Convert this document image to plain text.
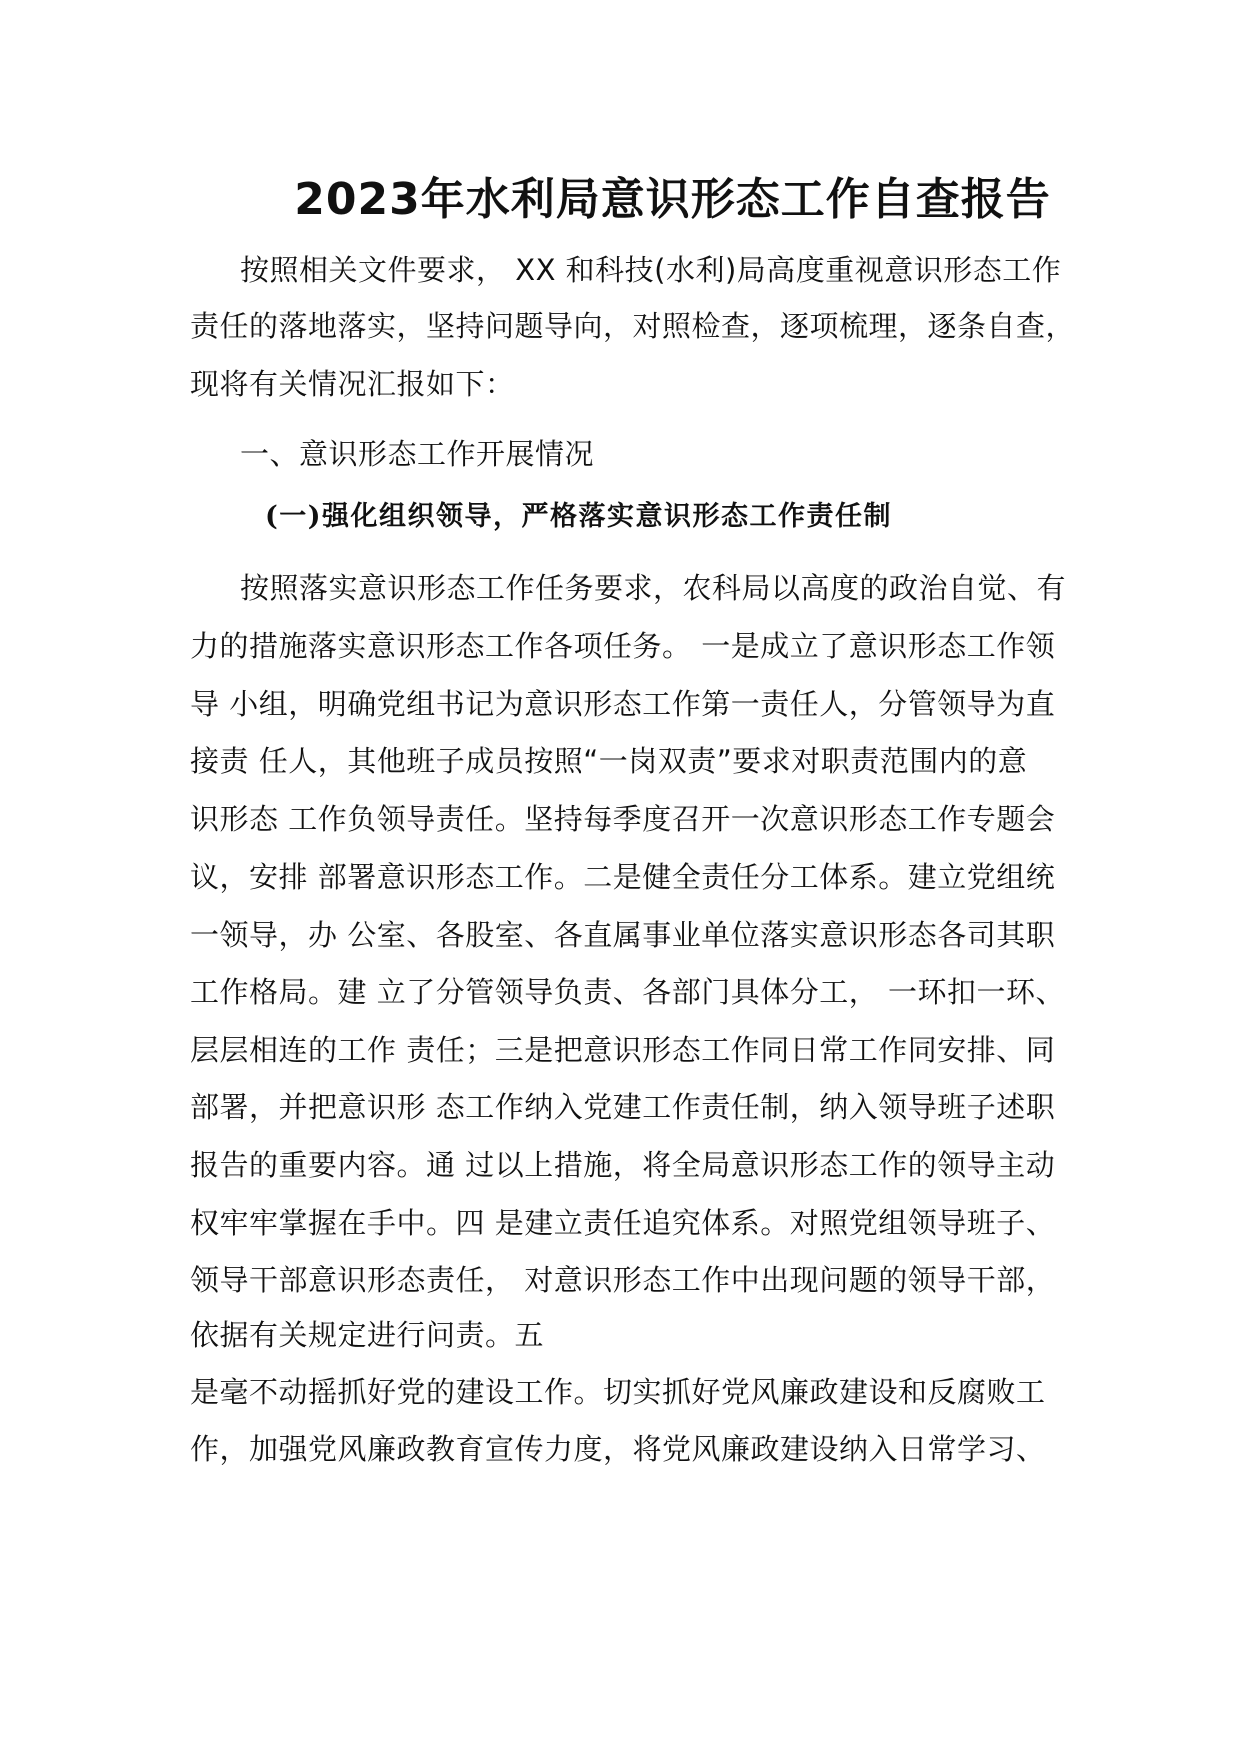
2023年水利局意识形态工作自查报告
按照相关文件要求， XX 和科技(水利)局高度重视意识形态工作
责任的落地落实，坚持问题导向，对照检查，逐项梳理，逐条自查，
现将有关情况汇报如下：
一、意识形态工作开展情况
(一)强化组织领导，严格落实意识形态工作责任制
按照落实意识形态工作任务要求，农科局以高度的政治自觉、有
力的措施落实意识形态工作各项任务。 一是成立了意识形态工作领
导 小组，明确党组书记为意识形态工作第一责任人，分管领导为直
接责 任人，其他班子成员按照“一岗双责”要求对职责范围内的意
识形态 工作负领导责任。坚持每季度召开一次意识形态工作专题会
议，安排 部署意识形态工作。二是健全责任分工体系。建立党组统
一领导，办 公室、各股室、各直属事业单位落实意识形态各司其职
工作格局。建 立了分管领导负责、各部门具体分工， 一环扣一环、
层层相连的工作 责任；三是把意识形态工作同日常工作同安排、同
部署，并把意识形 态工作纳入党建工作责任制，纳入领导班子述职
报告的重要内容。通 过以上措施，将全局意识形态工作的领导主动
权牢牢掌握在手中。四 是建立责任追究体系。对照党组领导班子、
领导干部意识形态责任， 对意识形态工作中出现问题的领导干部，
依据有关规定进行问责。五
是毫不动摇抓好党的建设工作。切实抓好党风廉政建设和反腐败工
作，加强党风廉政教育宣传力度，将党风廉政建设纳入日常学习、
